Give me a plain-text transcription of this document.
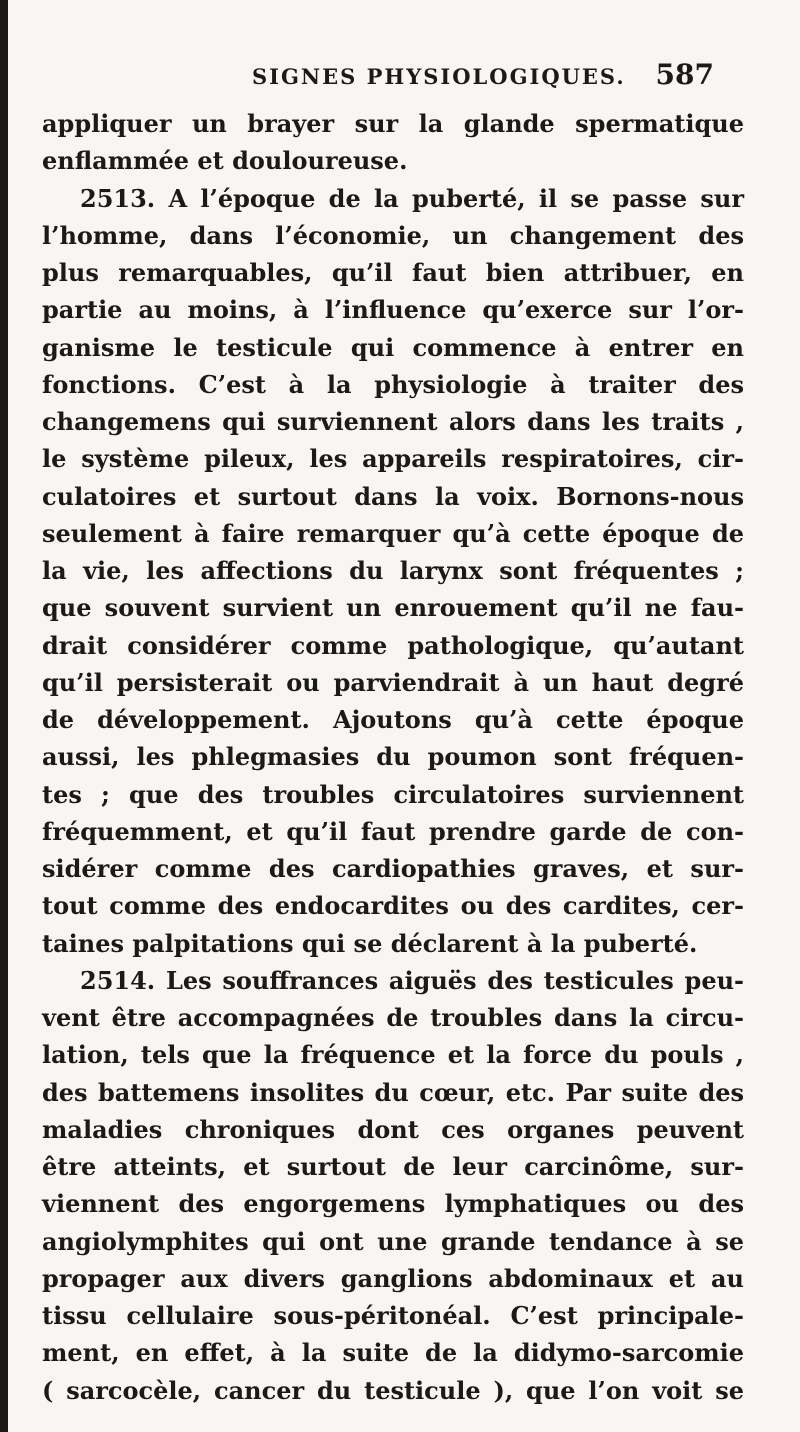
SIGNES PHYSIOLOGIQUES. 587
appliquer un brayer sur la glande spermatique
enflammée et douloureuse.
2513. A l’époque de la puberté, il se passe sur
l’homme, dans l’économie, un changement des
plus remarquables, qu’il faut bien attribuer, en
partie au moins, à l’influence qu’exerce sur l’or-
ganisme le testicule qui commence à entrer en
fonctions. C’est à la physiologie à traiter des
changemens qui surviennent alors dans les traits ,
le système pileux, les appareils respiratoires, cir-
culatoires et surtout dans la voix. Bornons-nous
seulement à faire remarquer qu’à cette époque de
la vie, les affections du larynx sont fréquentes ;
que souvent survient un enrouement qu’il ne fau-
drait considérer comme pathologique, qu’autant
qu’il persisterait ou parviendrait à un haut degré
de développement. Ajoutons qu’à cette époque
aussi, les phlegmasies du poumon sont fréquen-
tes ; que des troubles circulatoires surviennent
fréquemment, et qu’il faut prendre garde de con-
sidérer comme des cardiopathies graves, et sur-
tout comme des endocardites ou des cardites, cer-
taines palpitations qui se déclarent à la puberté.
2514. Les souffrances aiguës des testicules peu-
vent être accompagnées de troubles dans la circu-
lation, tels que la fréquence et la force du pouls ,
des battemens insolites du cœur, etc. Par suite des
maladies chroniques dont ces organes peuvent
être atteints, et surtout de leur carcinôme, sur-
viennent des engorgemens lymphatiques ou des
angiolymphites qui ont une grande tendance à se
propager aux divers ganglions abdominaux et au
tissu cellulaire sous-péritonéal. C’est principale-
ment, en effet, à la suite de la didymo-sarcomie
( sarcocèle, cancer du testicule ), que l’on voit se
